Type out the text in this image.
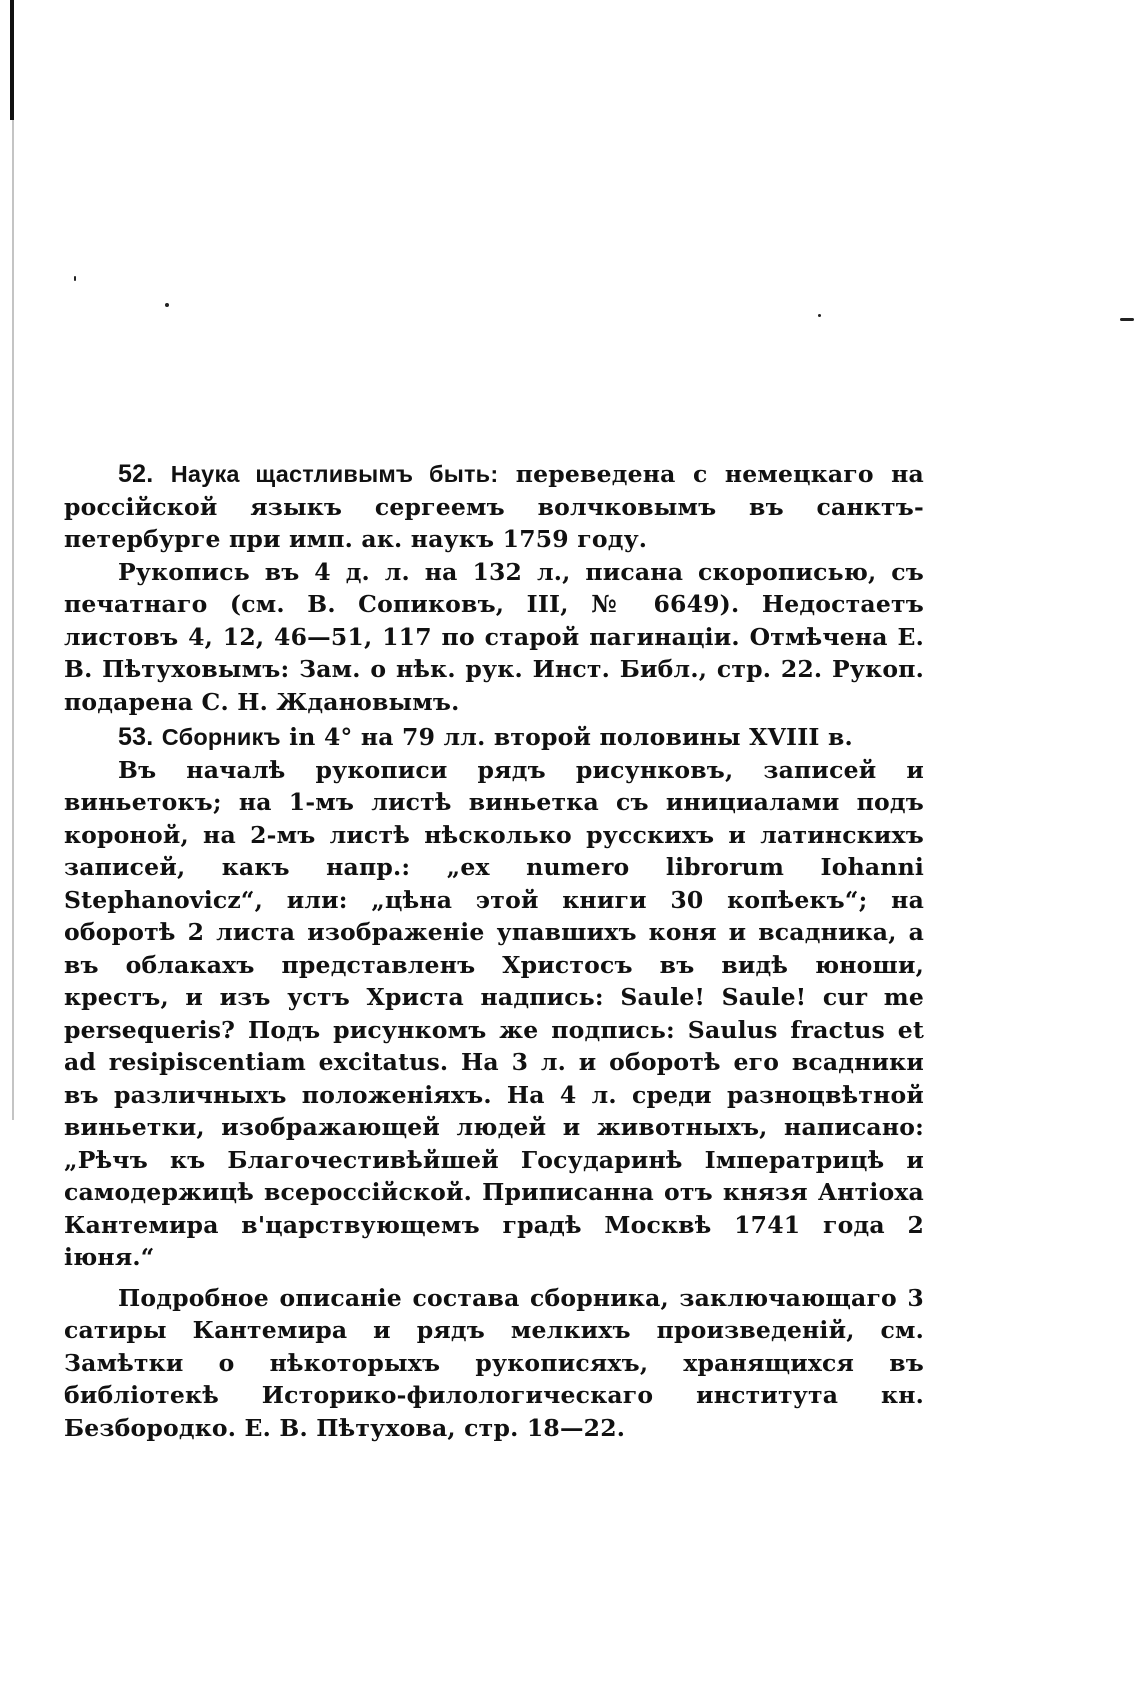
52. Наука щастливымъ быть: переведена с немецкаго на россійской языкъ сергеемъ волчковымъ въ санктъ-петербурге при имп. ак. наукъ 1759 году.

Рукопись въ 4 д. л. на 132 л., писана скорописью, съ печатнаго (см. В. Сопиковъ, III, № 6649). Недостаетъ листовъ 4, 12, 46—51, 117 по старой пагинаціи. Отмѣчена Е. В. Пѣтуховымъ: Зам. о нѣк. рук. Инст. Библ., стр. 22. Рукоп. подарена С. Н. Ждановымъ.

53. Сборникъ in 4° на 79 лл. второй половины XVIII в.

Въ началѣ рукописи рядъ рисунковъ, записей и виньетокъ; на 1-мъ листѣ виньетка съ инициалами подъ короной, на 2-мъ листѣ нѣсколько русскихъ и латинскихъ записей, какъ напр.: „ex numero librorum Iohanni Stephanovicz“, или: „цѣна этой книги 30 копѣекъ“; на оборотѣ 2 листа изображеніе упавшихъ коня и всадника, а въ облакахъ представленъ Христосъ въ видѣ юноши, крестъ, и изъ устъ Христа надпись: Saule! Saule! cur me persequeris? Подъ рисункомъ же подпись: Saulus fractus et ad resipiscentiam excitatus. На 3 л. и оборотѣ его всадники въ различныхъ положеніяхъ. На 4 л. среди разноцвѣтной виньетки, изображающей людей и животныхъ, написано: „Рѣчъ къ Благочестивѣйшей Государинѣ Імператрицѣ и самодержицѣ всероссійской. Приписанна отъ князя Антіоха Кантемира в'царствующемъ градѣ Москвѣ 1741 года 2 іюня.“

Подробное описаніе состава сборника, заключающаго 3 сатиры Кантемира и рядъ мелкихъ произведеній, см. Замѣтки о нѣкоторыхъ рукописяхъ, хранящихся въ библіотекѣ Историко-филологическаго института кн. Безбородко. Е. В. Пѣтухова, стр. 18—22.
